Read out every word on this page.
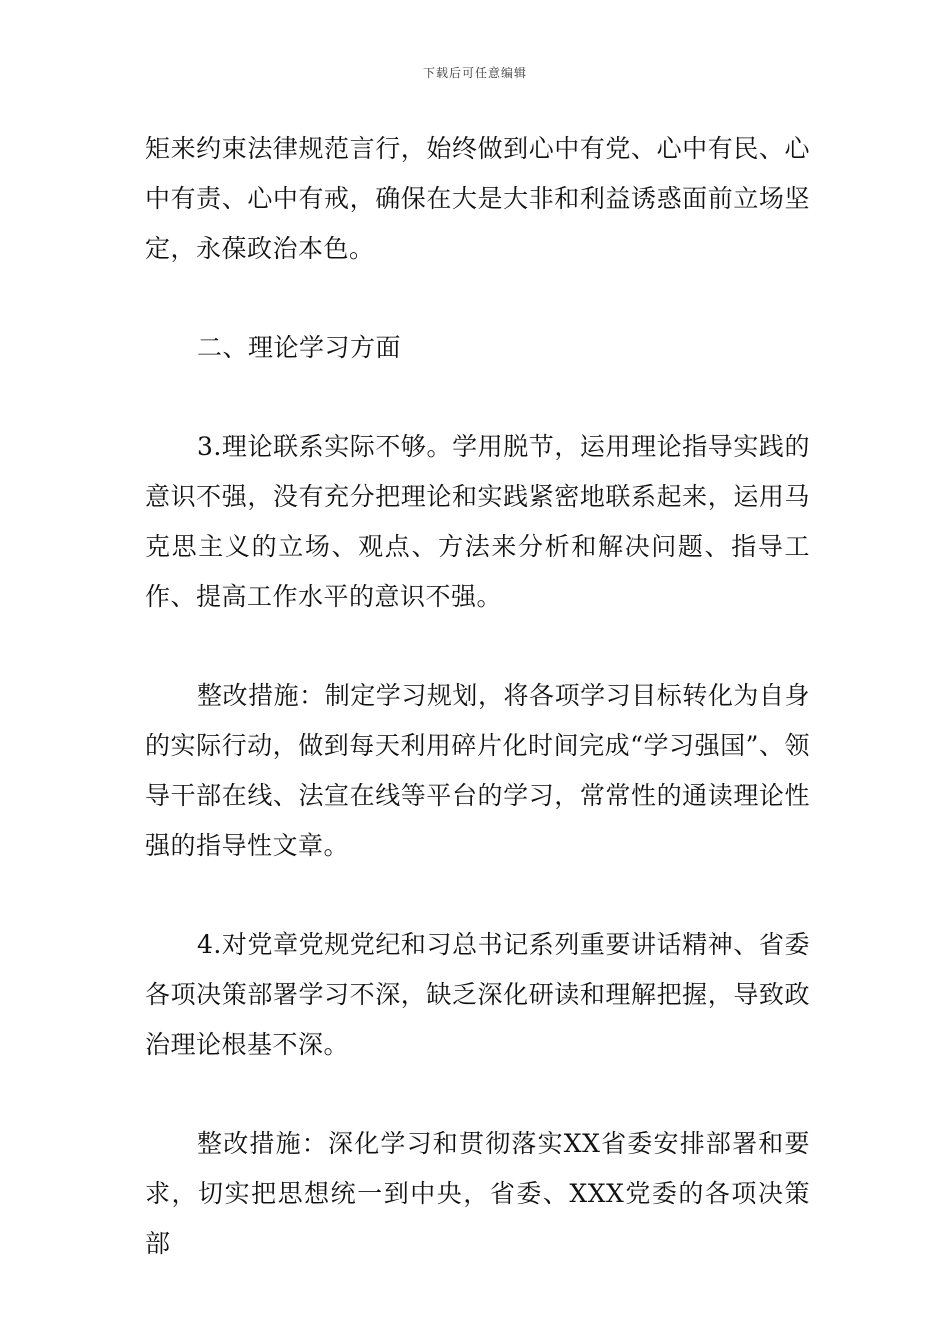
下载后可任意编辑

矩来约束法律规范言行，始终做到心中有党、心中有民、心中有责、心中有戒，确保在大是大非和利益诱惑面前立场坚定，永葆政治本色。

二、理论学习方面

3.理论联系实际不够。学用脱节，运用理论指导实践的意识不强，没有充分把理论和实践紧密地联系起来，运用马克思主义的立场、观点、方法来分析和解决问题、指导工作、提高工作水平的意识不强。

整改措施：制定学习规划，将各项学习目标转化为自身的实际行动，做到每天利用碎片化时间完成“学习强国”、领导干部在线、法宣在线等平台的学习，常常性的通读理论性强的指导性文章。

4.对党章党规党纪和习总书记系列重要讲话精神、省委各项决策部署学习不深，缺乏深化研读和理解把握，导致政治理论根基不深。

整改措施：深化学习和贯彻落实XX省委安排部署和要求，切实把思想统一到中央，省委、XXX党委的各项决策部
